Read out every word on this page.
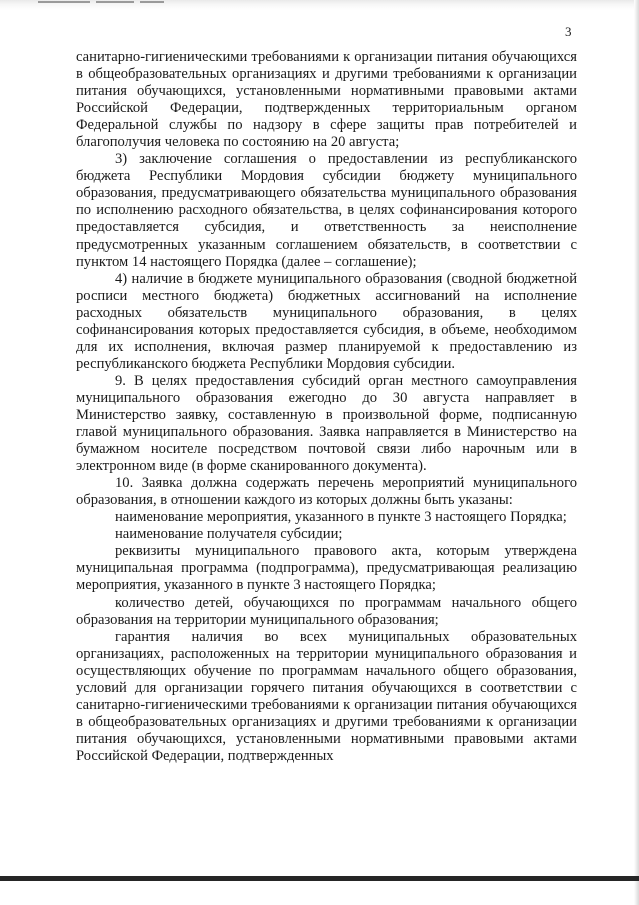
3

санитарно-гигиеническими требованиями к организации питания обучающихся в общеобразовательных организациях и другими требованиями к организации питания обучающихся, установленными нормативными правовыми актами Российской Федерации, подтвержденных территориальным органом Федеральной службы по надзору в сфере защиты прав потребителей и благополучия человека по состоянию на 20 августа;

3) заключение соглашения о предоставлении из республиканского бюджета Республики Мордовия субсидии бюджету муниципального образования, предусматривающего обязательства муниципального образования по исполнению расходного обязательства, в целях софинансирования которого предоставляется субсидия, и ответственность за неисполнение предусмотренных указанным соглашением обязательств, в соответствии с пунктом 14 настоящего Порядка (далее – соглашение);

4) наличие в бюджете муниципального образования (сводной бюджетной росписи местного бюджета) бюджетных ассигнований на исполнение расходных обязательств муниципального образования, в целях софинансирования которых предоставляется субсидия, в объеме, необходимом для их исполнения, включая размер планируемой к предоставлению из республиканского бюджета Республики Мордовия субсидии.

9. В целях предоставления субсидий орган местного самоуправления муниципального образования ежегодно до 30 августа направляет в Министерство заявку, составленную в произвольной форме, подписанную главой муниципального образования. Заявка направляется в Министерство на бумажном носителе посредством почтовой связи либо нарочным или в электронном виде (в форме сканированного документа).

10. Заявка должна содержать перечень мероприятий муниципального образования, в отношении каждого из которых должны быть указаны:

наименование мероприятия, указанного в пункте 3 настоящего Порядка;

наименование получателя субсидии;

реквизиты муниципального правового акта, которым утверждена муниципальная программа (подпрограмма), предусматривающая реализацию мероприятия, указанного в пункте 3 настоящего Порядка;

количество детей, обучающихся по программам начального общего образования на территории муниципального образования;

гарантия наличия во всех муниципальных образовательных организациях, расположенных на территории муниципального образования и осуществляющих обучение по программам начального общего образования, условий для организации горячего питания обучающихся в соответствии с санитарно-гигиеническими требованиями к организации питания обучающихся в общеобразовательных организациях и другими требованиями к организации питания обучающихся, установленными нормативными правовыми актами Российской Федерации, подтвержденных
